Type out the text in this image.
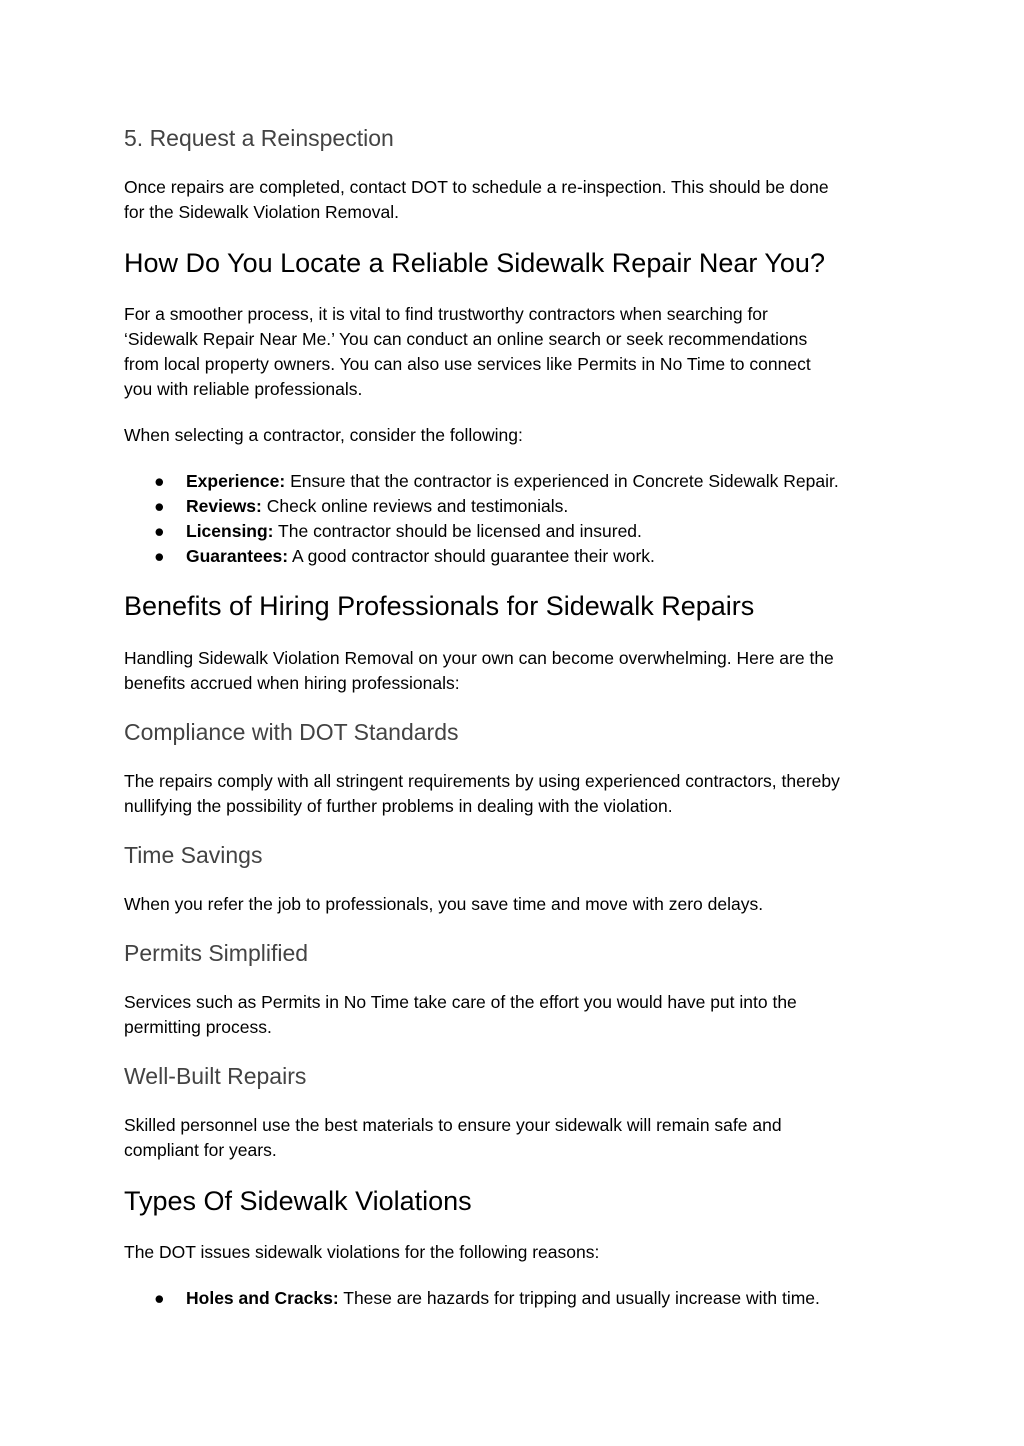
5. Request a Reinspection

Once repairs are completed, contact DOT to schedule a re-inspection. This should be done
for the Sidewalk Violation Removal.

How Do You Locate a Reliable Sidewalk Repair Near You?

For a smoother process, it is vital to find trustworthy contractors when searching for
‘Sidewalk Repair Near Me.’ You can conduct an online search or seek recommendations
from local property owners. You can also use services like Permits in No Time to connect
you with reliable professionals.

When selecting a contractor, consider the following:

● Experience: Ensure that the contractor is experienced in Concrete Sidewalk Repair.
● Reviews: Check online reviews and testimonials.
● Licensing: The contractor should be licensed and insured.
● Guarantees: A good contractor should guarantee their work.
Benefits of Hiring Professionals for Sidewalk Repairs

Handling Sidewalk Violation Removal on your own can become overwhelming. Here are the
benefits accrued when hiring professionals:

Compliance with DOT Standards

The repairs comply with all stringent requirements by using experienced contractors, thereby
nullifying the possibility of further problems in dealing with the violation.

Time Savings

When you refer the job to professionals, you save time and move with zero delays.

Permits Simplified

Services such as Permits in No Time take care of the effort you would have put into the
permitting process.

Well-Built Repairs

Skilled personnel use the best materials to ensure your sidewalk will remain safe and
compliant for years.

Types Of Sidewalk Violations

The DOT issues sidewalk violations for the following reasons:

● Holes and Cracks: These are hazards for tripping and usually increase with time.
